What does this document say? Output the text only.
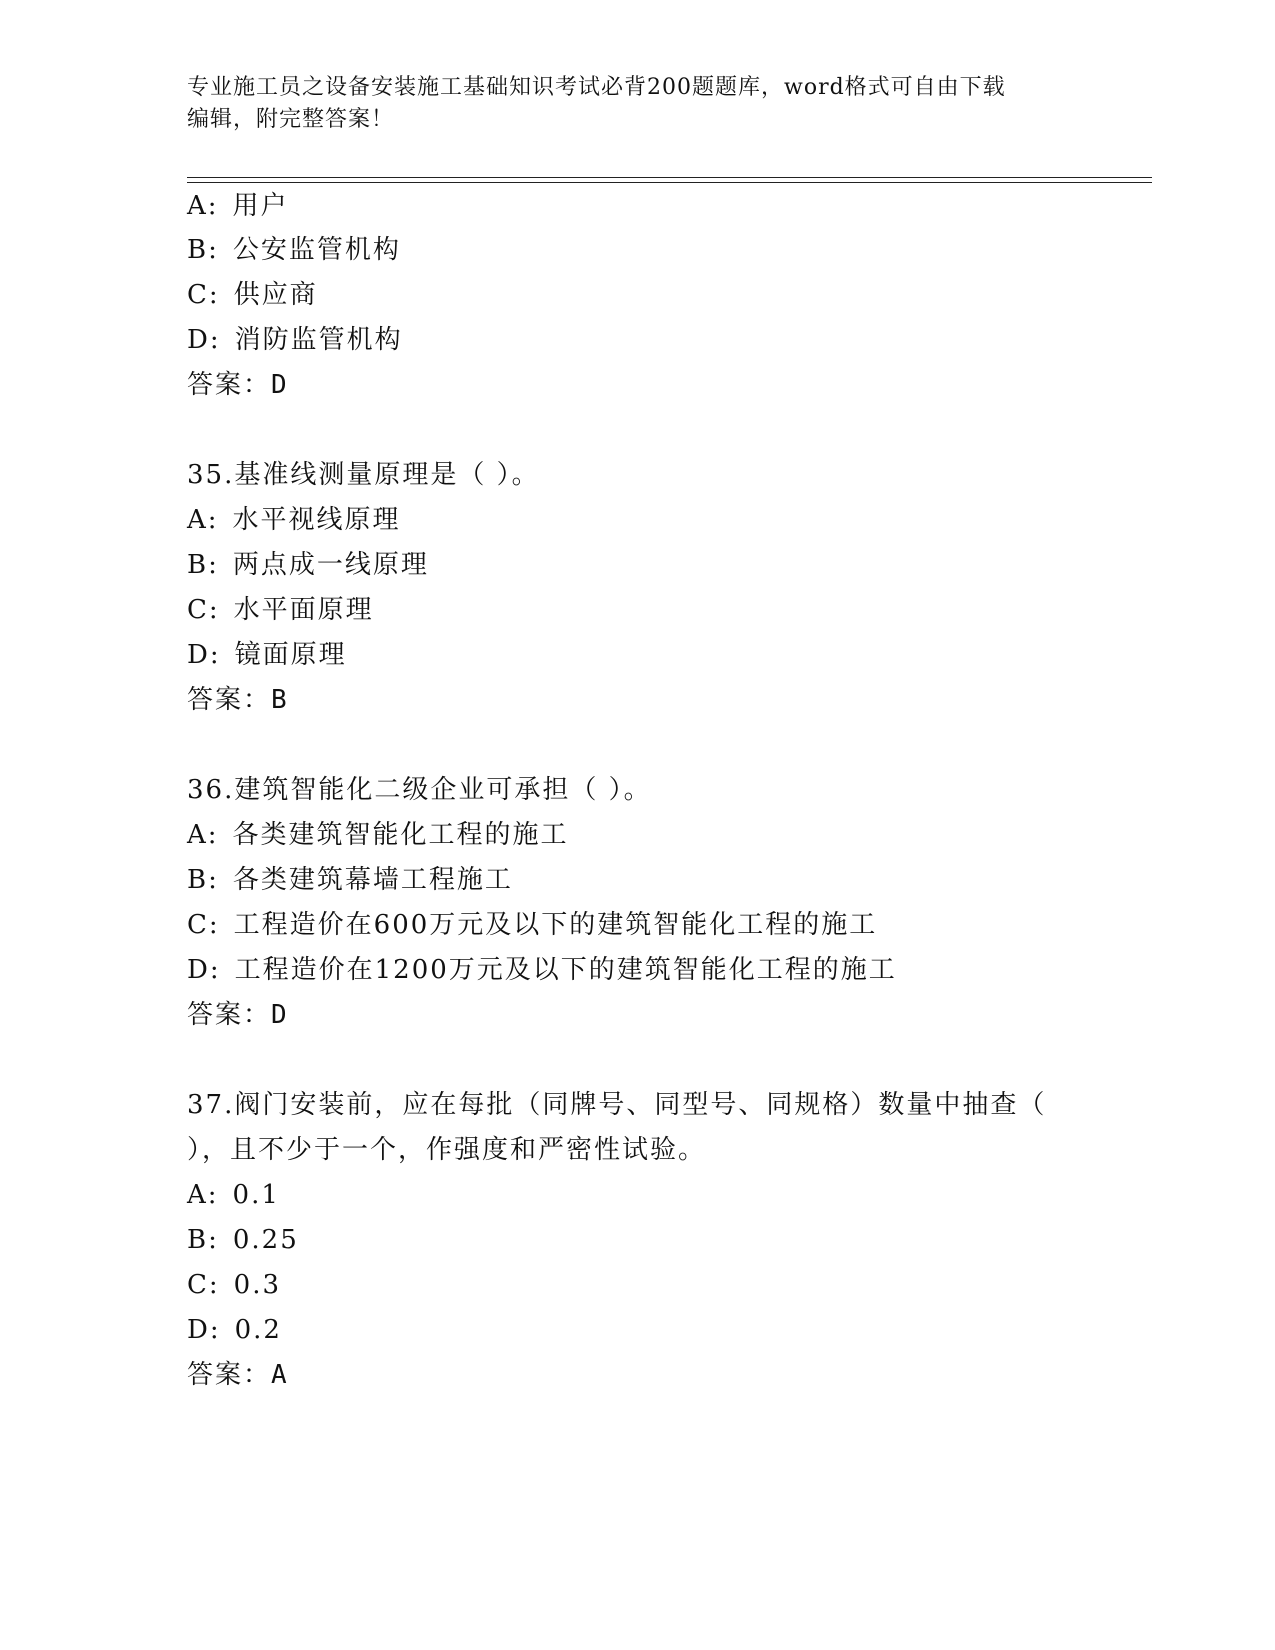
专业施工员之设备安装施工基础知识考试必背200题题库，word格式可自由下载
编辑，附完整答案！
A: 用户
B: 公安监管机构
C: 供应商
D: 消防监管机构
答案：D
35.基准线测量原理是（ ）。
A: 水平视线原理
B: 两点成一线原理
C: 水平面原理
D: 镜面原理
答案：B
36.建筑智能化二级企业可承担（ ）。
A: 各类建筑智能化工程的施工
B: 各类建筑幕墙工程施工
C: 工程造价在600万元及以下的建筑智能化工程的施工
D: 工程造价在1200万元及以下的建筑智能化工程的施工
答案：D
37.阀门安装前，应在每批（同牌号、同型号、同规格）数量中抽查（
），且不少于一个，作强度和严密性试验。
A: 0.1
B: 0.25
C: 0.3
D: 0.2
答案：A
